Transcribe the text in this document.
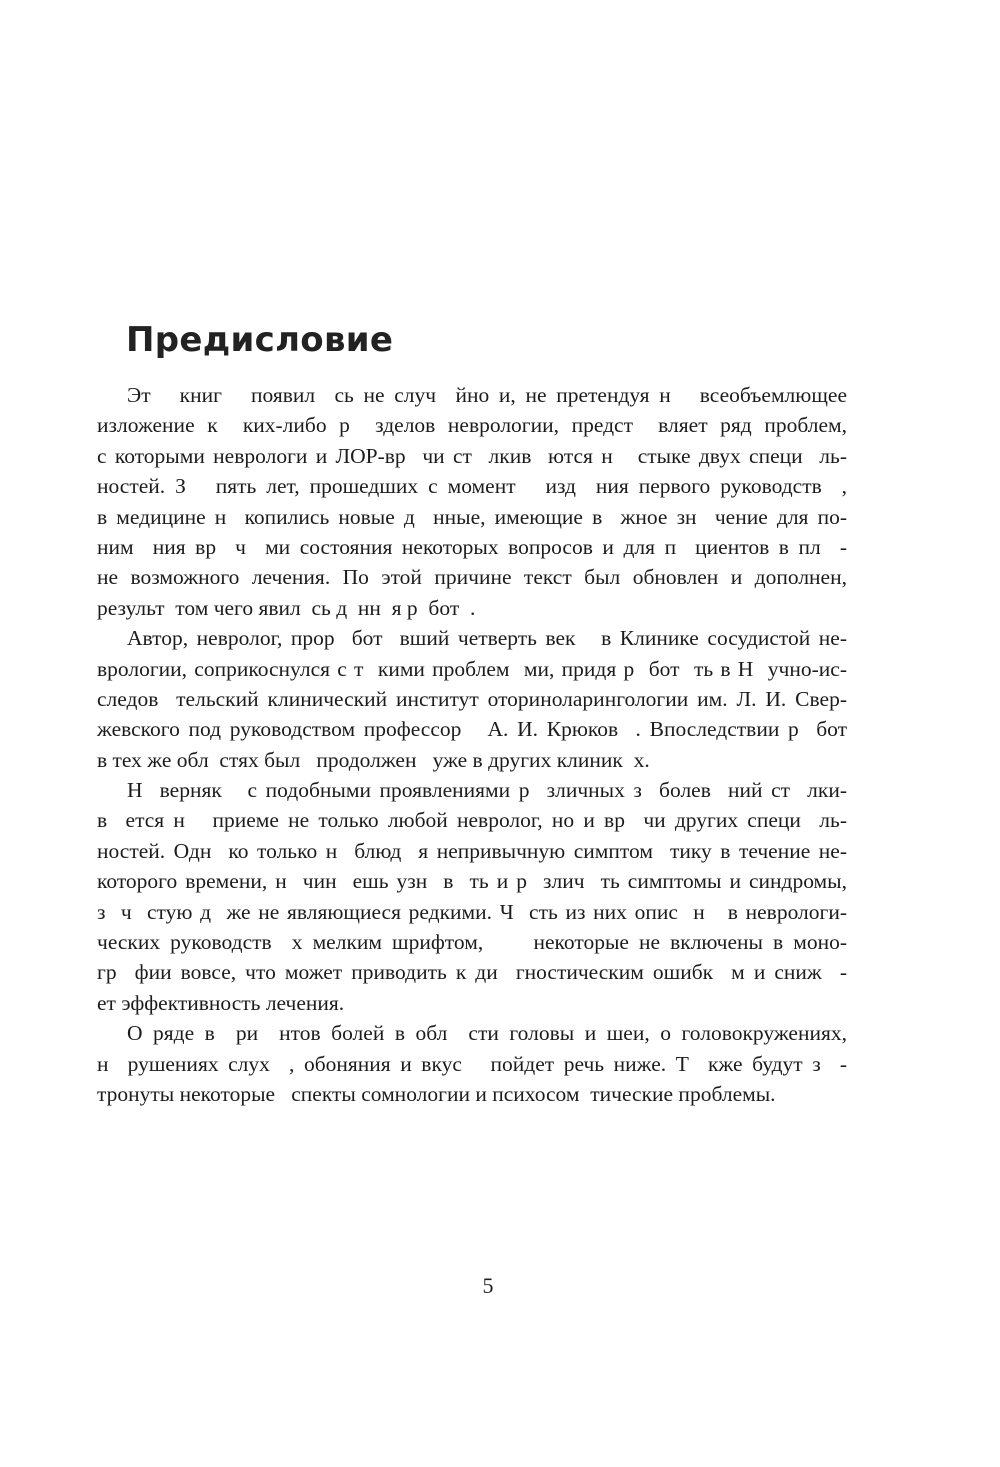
Предисловие

Эт   книг   появил  сь не случ  йно и, не претендуя н   всеобъемлющее
изложение к  ких-либо р  зделов неврологии, предст  вляет ряд проблем,
с которыми неврологи и ЛОР-вр  чи ст  лкив  ются н   стыке двух специ  ль-
ностей. З   пять лет, прошедших с момент   изд  ния первого руководств  ,
в медицине н  копились новые д  нные, имеющие в  жное зн  чение для по-
ним  ния вр  ч  ми состояния некоторых вопросов и для п  циентов в пл  -
не возможного лечения. По этой причине текст был обновлен и дополнен,
результ  том чего явил  сь д  нн  я р  бот  .

Автор, невролог, прор  бот  вший четверть век   в Клинике сосудистой не-
врологии, соприкоснулся с т  кими проблем  ми, придя р  бот  ть в Н  учно-ис-
следов  тельский клинический институт оториноларингологии им. Л. И. Свер-
жевского под руководством профессор   А. И. Крюков  . Впоследствии р  бот
в тех же обл  стях был   продолжен   уже в других клиник  х.

Н  верняк   с подобными проявлениями р  зличных з  болев  ний ст  лки-
в  ется н   приеме не только любой невролог, но и вр  чи других специ  ль-
ностей. Одн  ко только н  блюд  я непривычную симптом  тику в течение не-
которого времени, н  чин  ешь узн  в  ть и р  злич  ть симптомы и синдромы,
з  ч  стую д  же не являющиеся редкими. Ч  сть из них опис  н   в неврологи-
ческих руководств  х мелким шрифтом,     некоторые не включены в моно-
гр  фии вовсе, что может приводить к ди  гностическим ошибк  м и сниж  -
ет эффективность лечения.

О ряде в  ри  нтов болей в обл  сти головы и шеи, о головокружениях,
н  рушениях слух  , обоняния и вкус   пойдет речь ниже. Т  кже будут з  -
тронуты некоторые   спекты сомнологии и психосом  тические проблемы.

5
